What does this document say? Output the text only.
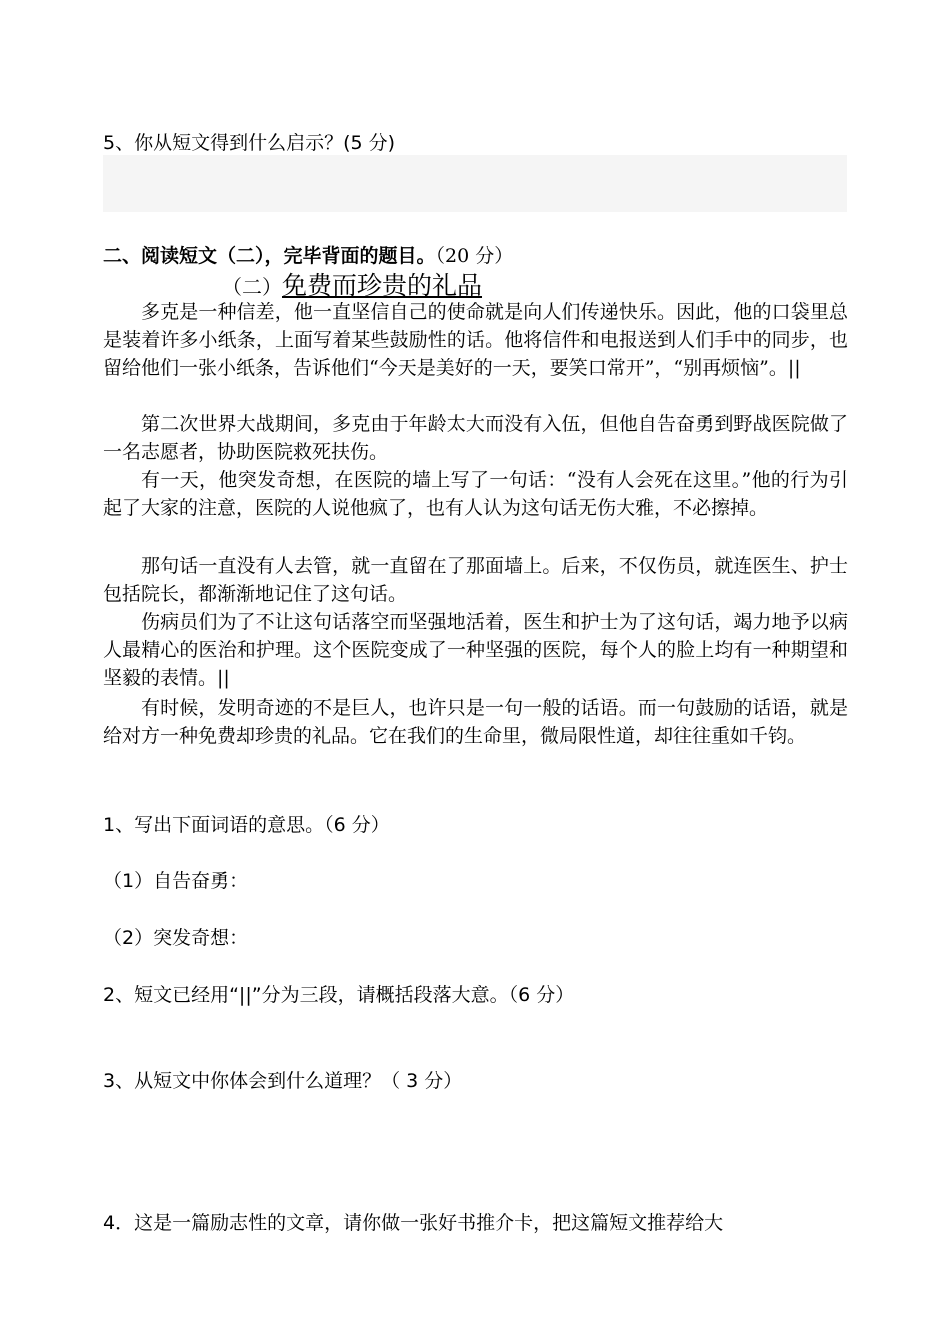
5、你从短文得到什么启示？(5 分)
二、阅读短文（二），完毕背面的题目。（20 分）
（二）免费而珍贵的礼品

多克是一种信差，他一直坚信自己的使命就是向人们传递快乐。因此，他的口袋里总是装着许多小纸条，上面写着某些鼓励性的话。他将信件和电报送到人们手中的同步，也留给他们一张小纸条，告诉他们“今天是美好的一天，要笑口常开”，“别再烦恼”。||

第二次世界大战期间，多克由于年龄太大而没有入伍，但他自告奋勇到野战医院做了一名志愿者，协助医院救死扶伤。

有一天，他突发奇想，在医院的墙上写了一句话：“没有人会死在这里。”他的行为引起了大家的注意，医院的人说他疯了，也有人认为这句话无伤大雅，不必擦掉。

那句话一直没有人去管，就一直留在了那面墙上。后来，不仅伤员，就连医生、护士包括院长，都渐渐地记住了这句话。

伤病员们为了不让这句话落空而坚强地活着，医生和护士为了这句话，竭力地予以病人最精心的医治和护理。这个医院变成了一种坚强的医院，每个人的脸上均有一种期望和坚毅的表情。||

有时候，发明奇迹的不是巨人，也许只是一句一般的话语。而一句鼓励的话语，就是给对方一种免费却珍贵的礼品。它在我们的生命里，微局限性道，却往往重如千钧。

1、写出下面词语的意思。（6 分）
（1）自告奋勇：
（2）突发奇想：
2、短文已经用“||”分为三段，请概括段落大意。（6 分）
3、从短文中你体会到什么道理？（ 3 分）
4．这是一篇励志性的文章，请你做一张好书推介卡，把这篇短文推荐给大
